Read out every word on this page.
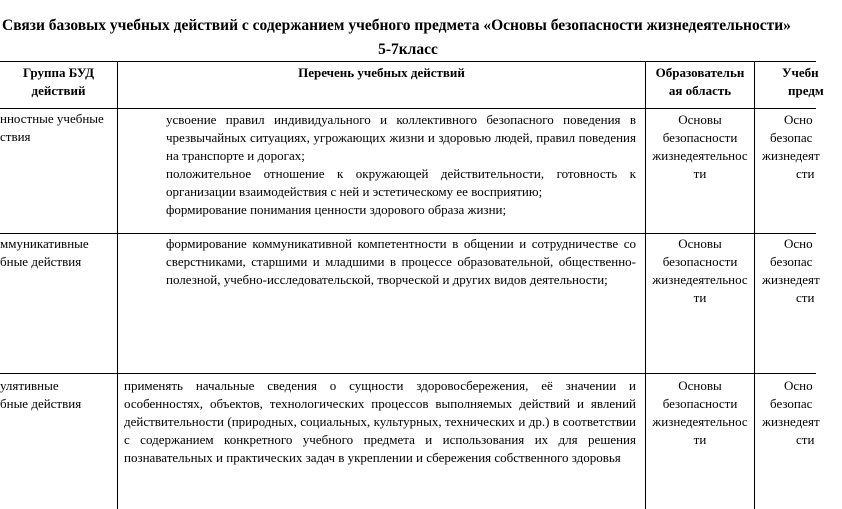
Связи базовых учебных действий с содержанием учебного предмета «Основы безопасности жизнедеятельности»
5-7класс

Группа БУД

действий

Перечень учебных действий	Образовательн

ая область

Учебн

предм

нностные учебные

ствия

усвоение правил индивидуального и коллективного безопасного поведения в чрезвычайных ситуациях, угрожающих жизни и здоровью людей, правил поведения на транспорте и дорогах;

положительное отношение к окружающей действительности, готовность к организации взаимодействия с ней и эстетическому ее восприятию;

формирование понимания ценности здорового образа жизни;

Основы

безопасности

жизнедеятельнос

ти

Осно

безопас

жизнедеят

сти

ммуникативные

бные действия

формирование коммуникативной компетентности в общении и сотрудничестве со сверстниками, старшими и младшими в процессе образовательной, общественно-полезной, учебно-исследовательской, творческой и других видов деятельности;

Основы

безопасности

жизнедеятельнос

ти

Осно

безопас

жизнедеят

сти

улятивные

бные действия

применять начальные сведения о сущности здоровосбережения, её значении и особенностях, объектов, технологических процессов выполняемых действий и явлений действительности (природных, социальных, культурных, технических и др.) в соответствии с содержанием конкретного учебного предмета и использования их для решения познавательных и практических задач в укреплении и сбережения собственного здоровья

Основы

безопасности

жизнедеятельнос

ти

Осно

безопас

жизнедеят

сти
